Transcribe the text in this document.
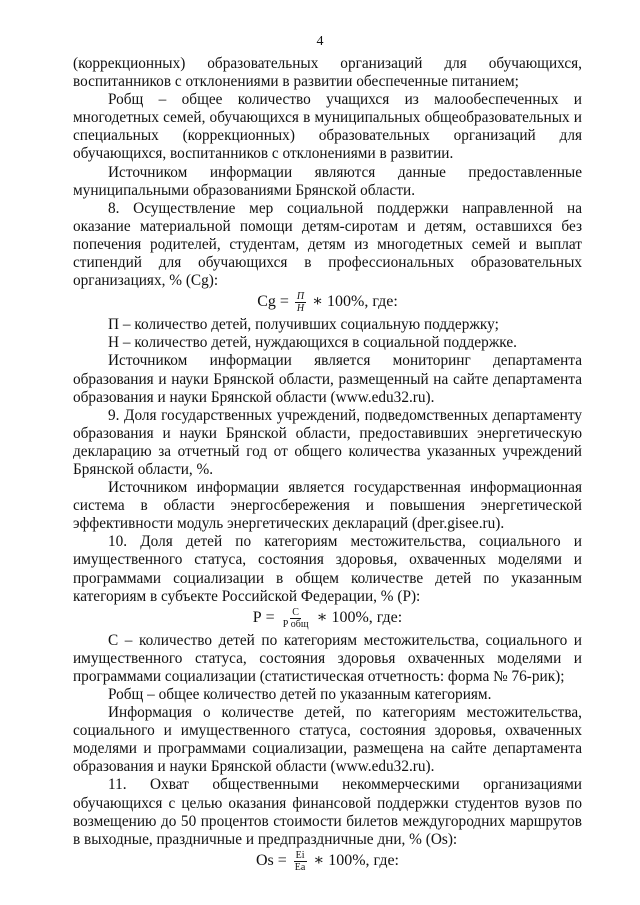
4

(коррекционных) образовательных организаций для обучающихся, воспитанников с отклонениями в развитии обеспеченные питанием;

Робщ – общее количество учащихся из малообеспеченных и многодетных семей, обучающихся в муниципальных общеобразовательных и специальных (коррекционных) образовательных организаций для обучающихся, воспитанников с отклонениями в развитии.

Источником информации являются данные предоставленные муниципальными образованиями Брянской области.

8. Осуществление мер социальной поддержки направленной на оказание материальной помощи детям-сиротам и детям, оставшихся без попечения родителей, студентам, детям из многодетных семей и выплат стипендий для обучающихся в профессиональных образовательных организациях, % (Cg):

$Cg = \frac{П}{Н}$ ∗ 100%, где:

П – количество детей, получивших социальную поддержку;

Н – количество детей, нуждающихся в социальной поддержке.

Источником информации является мониторинг департамента образования и науки Брянской области, размещенный на сайте департамента образования и науки Брянской области (www.edu32.ru).

9. Доля государственных учреждений, подведомственных департаменту образования и науки Брянской области, предоставивших энергетическую декларацию за отчетный год от общего количества указанных учреждений Брянской области, %.

Источником информации является государственная информационная система в области энергосбережения и повышения энергетической эффективности модуль энергетических деклараций (dper.gisee.ru).

10. Доля детей по категориям местожительства, социального и имущественного статуса, состояния здоровья, охваченных моделями и программами социализации в общем количестве детей по указанным категориям в субъекте Российской Федерации, % (Р):

$Р = \frac{С}{\text{Р общ}}$ ∗ 100%, где:

С – количество детей по категориям местожительства, социального и имущественного статуса, состояния здоровья охваченных моделями и программами социализации (статистическая отчетность: форма № 76-рик);

Робщ – общее количество детей по указанным категориям.

Информация о количестве детей, по категориям местожительства, социального и имущественного статуса, состояния здоровья, охваченных моделями и программами социализации, размещена на сайте департамента образования и науки Брянской области (www.edu32.ru).

11. Охват общественными некоммерческими организациями обучающихся с целью оказания финансовой поддержки студентов вузов по возмещению до 50 процентов стоимости билетов междугородних маршрутов в выходные, праздничные и предпраздничные дни, % (Os):

$Os = \frac{Ei}{Ea}$ ∗ 100%, где:
